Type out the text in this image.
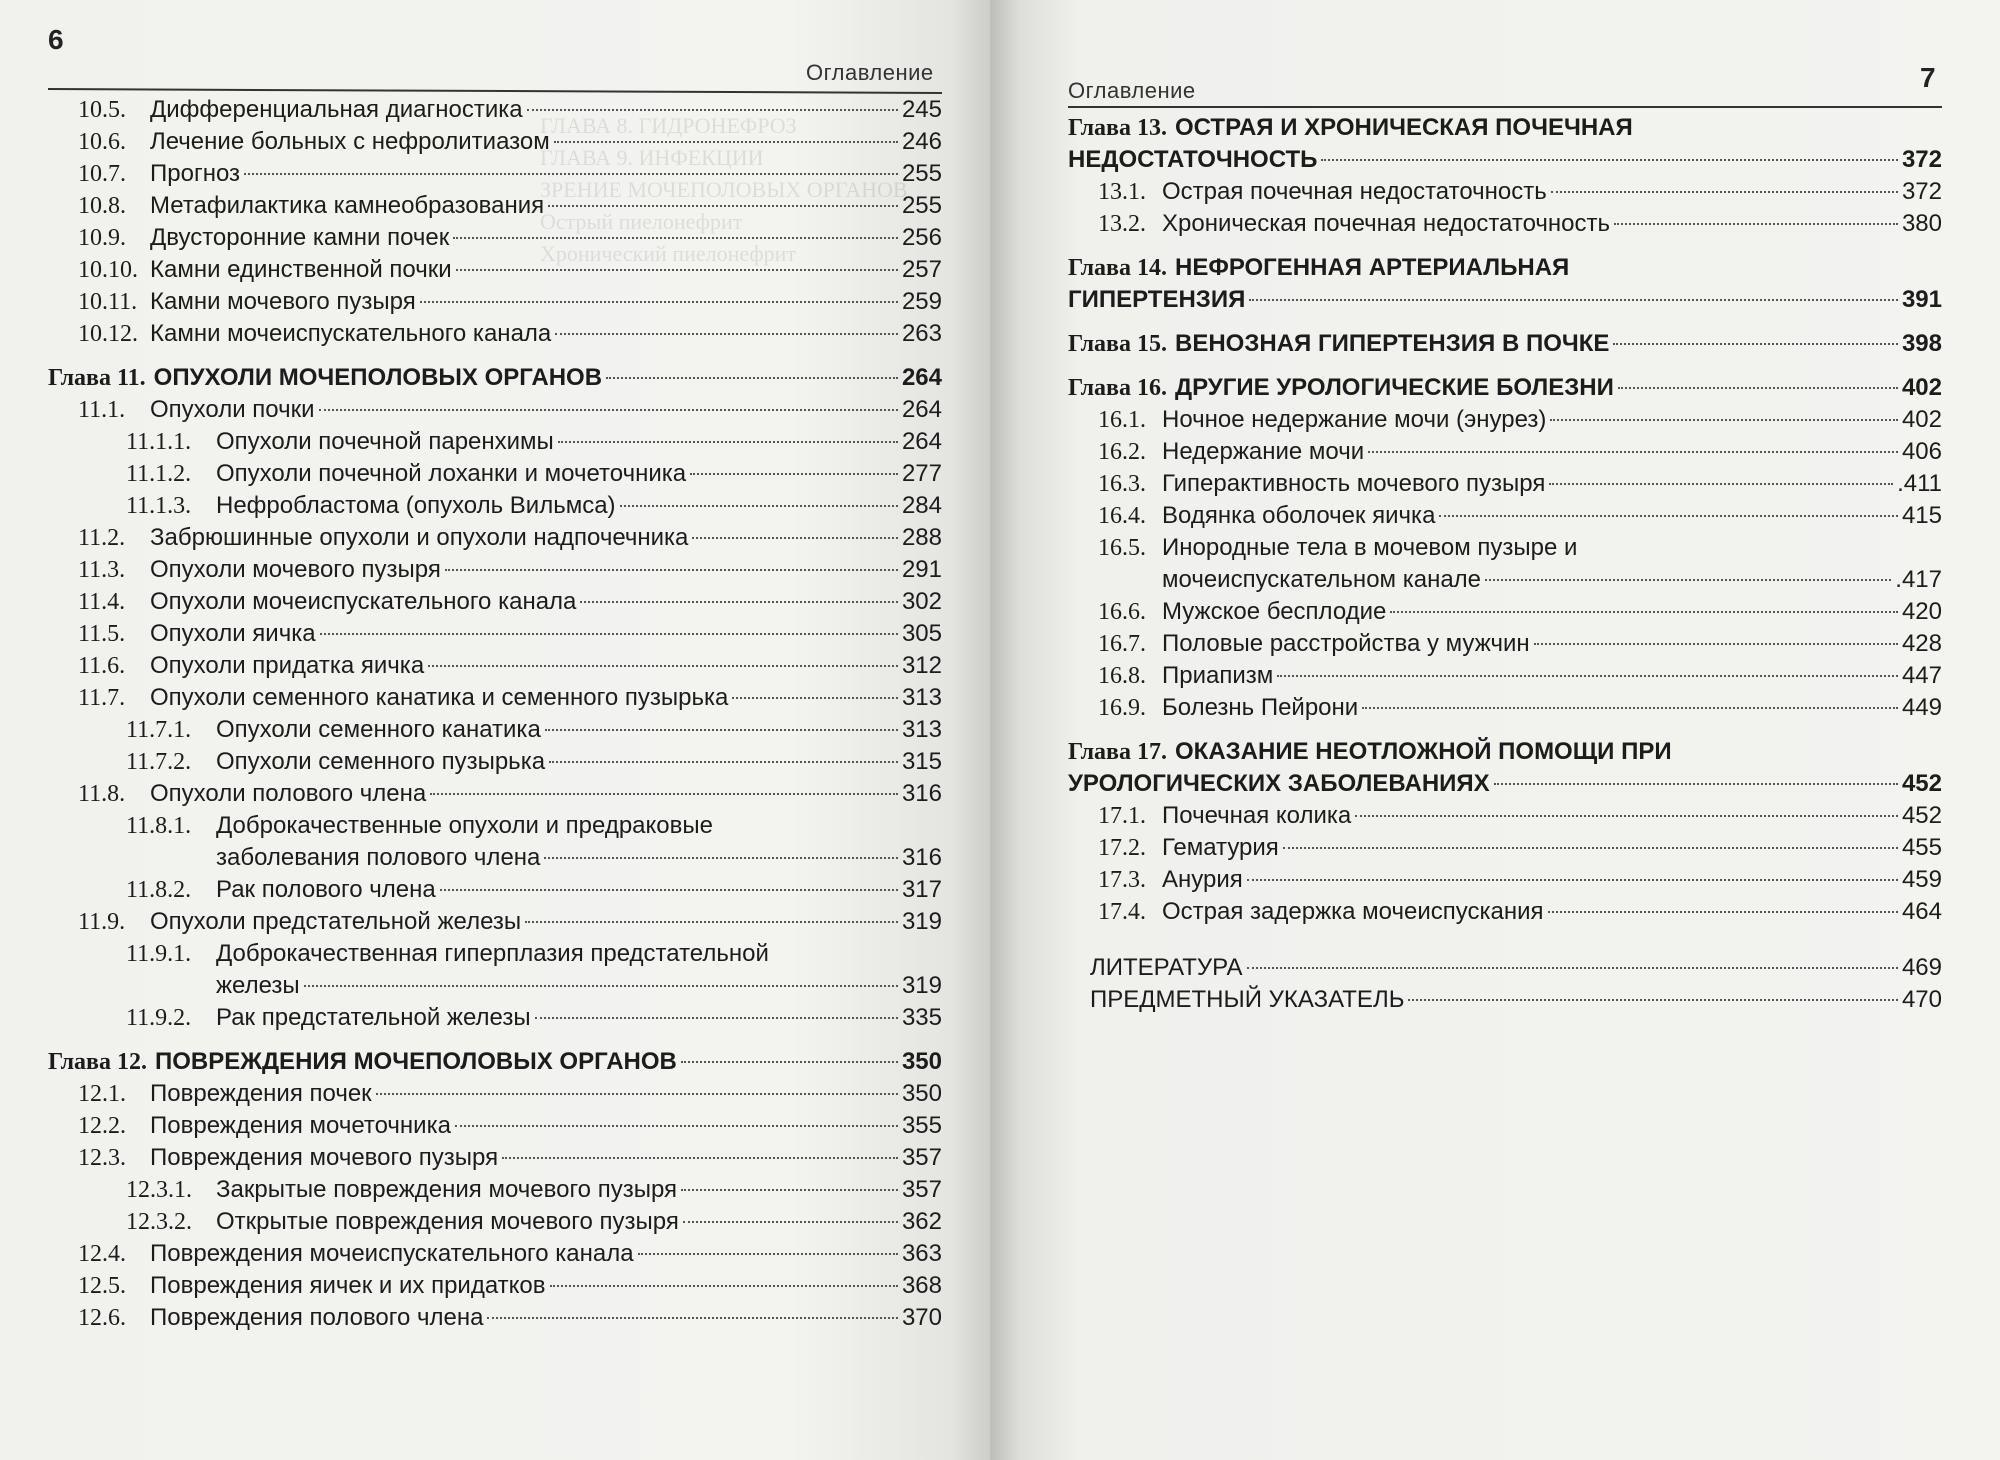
6
Оглавление
ГЛАВА 8. ГИДРОНЕФРОЗ
ГЛАВА 9. ИНФЕКЦИИ
ЗРЕНИЕ МОЧЕПОЛОВЫХ ОРГАНОВ
Острый пиелонефрит
Хронический пиелонефрит
10.5.	Дифференциальная диагностика	245
10.6.	Лечение больных с нефролитиазом	246
10.7.	Прогноз	255
10.8.	Метафилактика камнеобразования	255
10.9.	Двусторонние камни почек	256
10.10. Камни единственной почки	257
10.11. Камни мочевого пузыря	259
10.12. Камни мочеиспускательного канала	263
Глава 11. ОПУХОЛИ МОЧЕПОЛОВЫХ ОРГАНОВ	264
11.1.	Опухоли почки	264
11.1.1.	Опухоли почечной паренхимы	264
11.1.2.	Опухоли почечной лоханки и мочеточника	277
11.1.3.	Нефробластома (опухоль Вильмса)	284
11.2.	Забрюшинные опухоли и опухоли надпочечника	288
11.3.	Опухоли мочевого пузыря	291
11.4.	Опухоли мочеиспускательного канала	302
11.5.	Опухоли яичка	305
11.6.	Опухоли придатка яичка	312
11.7.	Опухоли семенного канатика и семенного пузырька	313
11.7.1.	Опухоли семенного канатика	313
11.7.2.	Опухоли семенного пузырька	315
11.8.	Опухоли полового члена	316
11.8.1.	Доброкачественные опухоли и предраковые
заболевания полового члена	316
11.8.2.	Рак полового члена	317
11.9.	Опухоли предстательной железы	319
11.9.1.	Доброкачественная гиперплазия предстательной
железы	319
11.9.2.	Рак предстательной железы	335
Глава 12. ПОВРЕЖДЕНИЯ МОЧЕПОЛОВЫХ ОРГАНОВ	350
12.1.	Повреждения почек	350
12.2.	Повреждения мочеточника	355
12.3.	Повреждения мочевого пузыря	357
12.3.1.	Закрытые повреждения мочевого пузыря	357
12.3.2.	Открытые повреждения мочевого пузыря	362
12.4.	Повреждения мочеиспускательного канала	363
12.5.	Повреждения яичек и их придатков	368
12.6.	Повреждения полового члена	370
Оглавление	7
Глава 13. ОСТРАЯ И ХРОНИЧЕСКАЯ ПОЧЕЧНАЯ
НЕДОСТАТОЧНОСТЬ	372
13.1. Острая почечная недостаточность	372
13.2. Хроническая почечная недостаточность	380
Глава 14. НЕФРОГЕННАЯ АРТЕРИАЛЬНАЯ
ГИПЕРТЕНЗИЯ	391
Глава 15. ВЕНОЗНАЯ ГИПЕРТЕНЗИЯ В ПОЧКЕ	398
Глава 16. ДРУГИЕ УРОЛОГИЧЕСКИЕ БОЛЕЗНИ	402
16.1. Ночное недержание мочи (энурез)	402
16.2. Недержание мочи	406
16.3. Гиперактивность мочевого пузыря	.411
16.4. Водянка оболочек яичка	415
16.5. Инородные тела в мочевом пузыре и
мочеиспускательном канале	.417
16.6. Мужское бесплодие	420
16.7. Половые расстройства у мужчин	428
16.8. Приапизм	447
16.9. Болезнь Пейрони	449
Глава 17. ОКАЗАНИЕ НЕОТЛОЖНОЙ ПОМОЩИ ПРИ
УРОЛОГИЧЕСКИХ ЗАБОЛЕВАНИЯХ	452
17.1. Почечная колика	452
17.2. Гематурия	455
17.3. Анурия	459
17.4. Острая задержка мочеиспускания	464
ЛИТЕРАТУРА	469
ПРЕДМЕТНЫЙ УКАЗАТЕЛЬ	470
